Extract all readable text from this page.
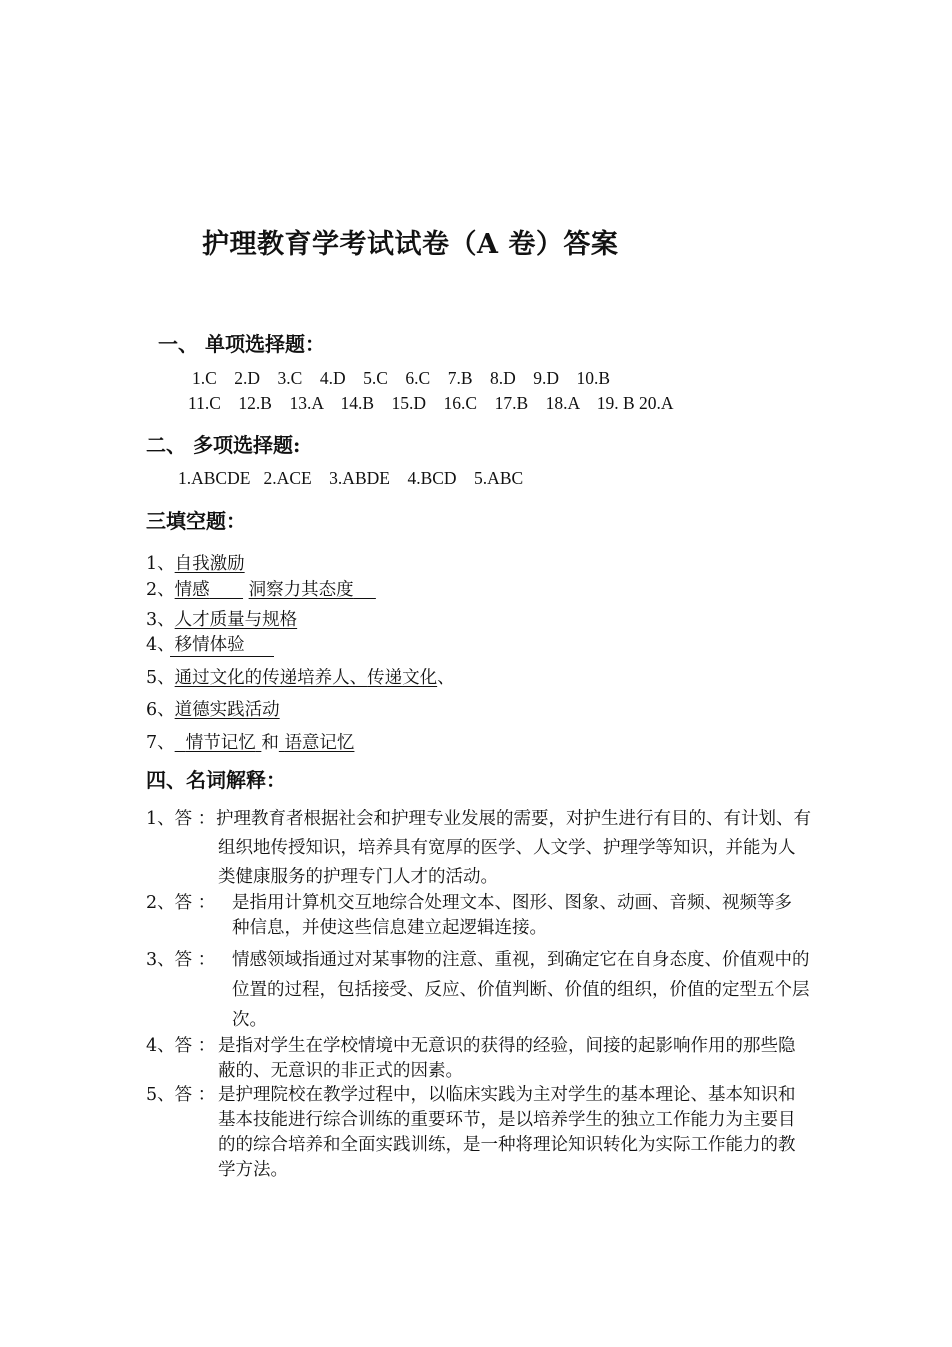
护理教育学考试试卷（A 卷）答案
一、 单项选择题：
1.C    2.D    3.C    4.D    5.C    6.C    7.B    8.D    9.D    10.B
11.C    12.B    13.A    14.B    15.D    16.C    17.B    18.A    19. B 20.A
二、 多项选择题:
1.ABCDE   2.ACE    3.ABDE    4.BCD    5.ABC
三填空题：
1、自我激励
2、情感 洞察力其态度
3、人才质量与规格
4、移情体验
5、通过文化的传递培养人、传递文化、
6、道德实践活动
7、 情节记忆 和 语意记忆
四、名词解释：
1、答 ： 护理教育者根据社会和护理专业发展的需要，对护生进行有目的、有计划、有组织地传授知识，培养具有宽厚的医学、人文学、护理学等知识，并能为人类健康服务的护理专门人才的活动。
2、答 ： 是指用计算机交互地综合处理文本、图形、图象、动画、音频、视频等多种信息，并使这些信息建立起逻辑连接。
3、答 ： 情感领域指通过对某事物的注意、重视，到确定它在自身态度、价值观中的位置的过程，包括接受、反应、价值判断、价值的组织，价值的定型五个层次。
4、答 ： 是指对学生在学校情境中无意识的获得的经验，间接的起影响作用的那些隐蔽的、无意识的非正式的因素。
5、答 ： 是护理院校在教学过程中，以临床实践为主对学生的基本理论、基本知识和基本技能进行综合训练的重要环节，是以培养学生的独立工作能力为主要目的的综合培养和全面实践训练，是一种将理论知识转化为实际工作能力的教学方法。
